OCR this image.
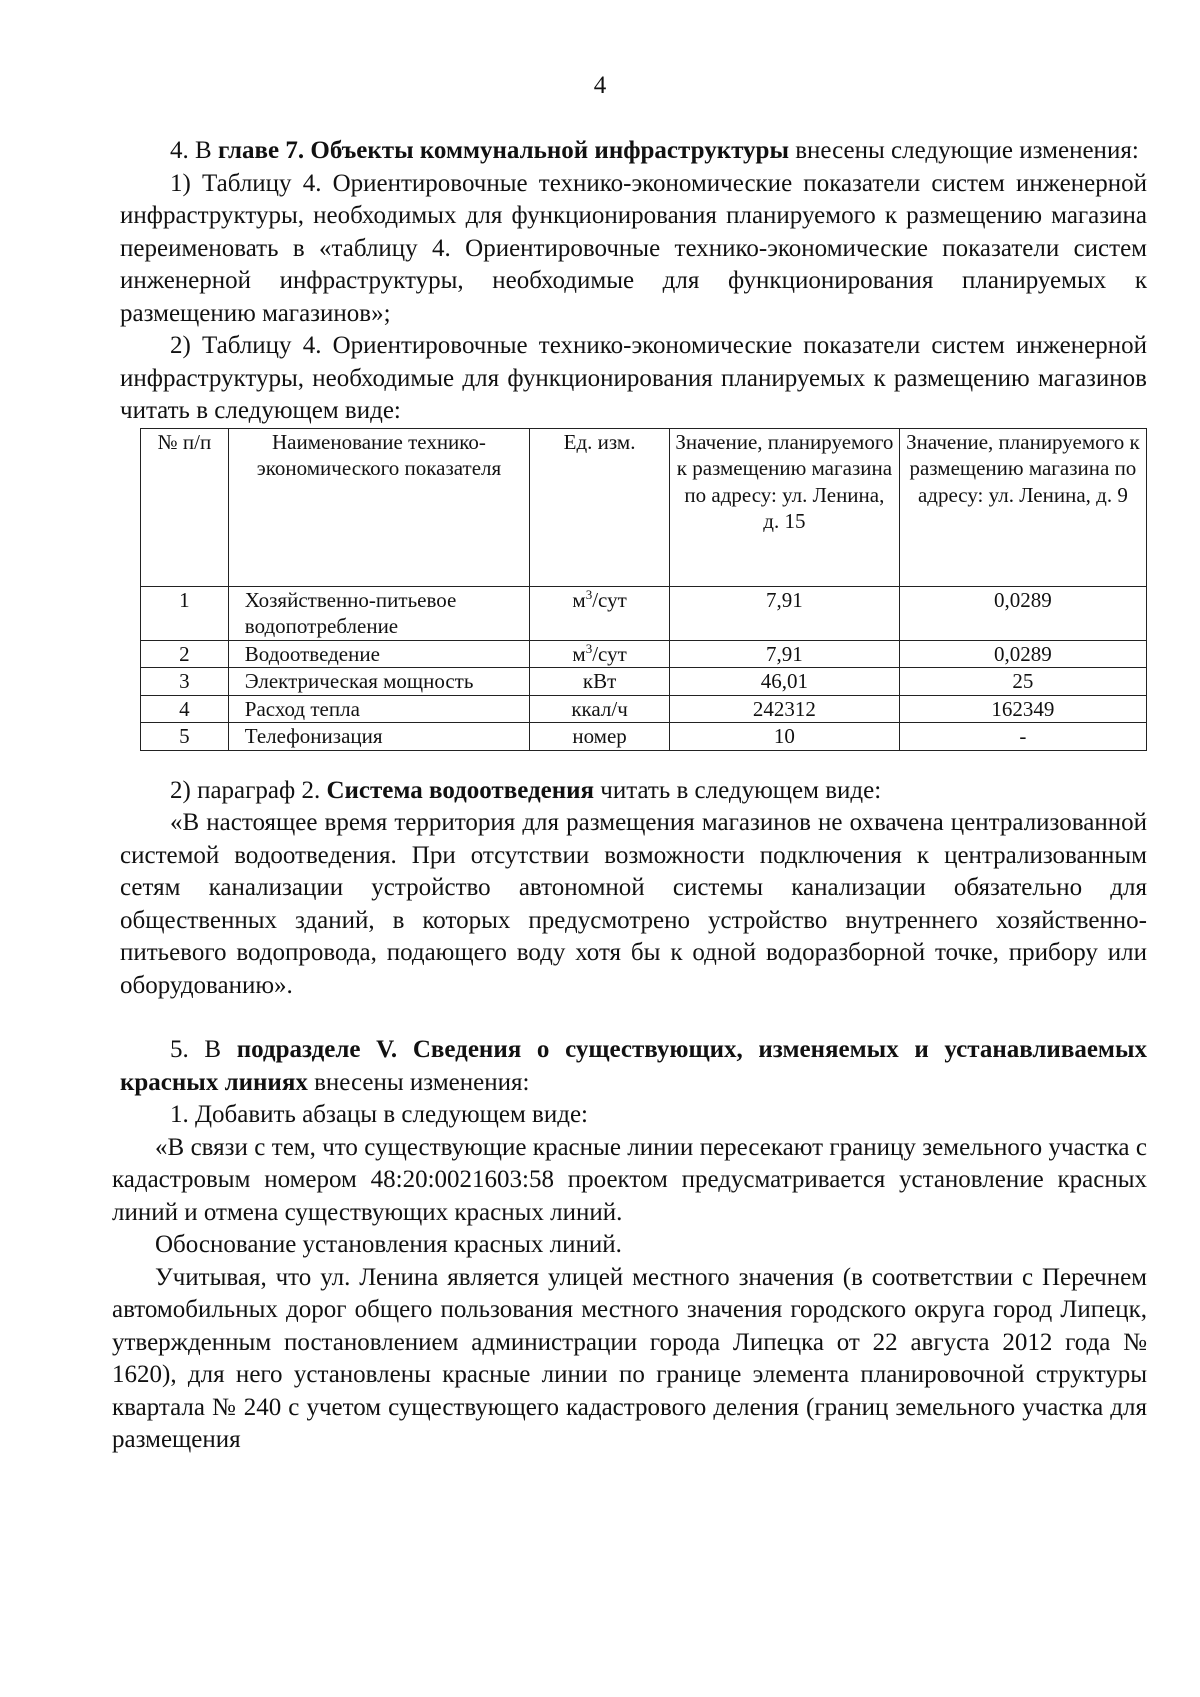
4

4. В главе 7. Объекты коммунальной инфраструктуры внесены следующие изменения:

1) Таблицу 4. Ориентировочные технико-экономические показатели систем инженерной инфраструктуры, необходимых для функционирования планируемого к размещению магазина переименовать в «таблицу 4. Ориентировочные технико-экономические показатели систем инженерной инфраструктуры, необходимые для функционирования планируемых к размещению магазинов»;

2) Таблицу 4. Ориентировочные технико-экономические показатели систем инженерной инфраструктуры, необходимые для функционирования планируемых к размещению магазинов читать в следующем виде:

№ п/п	Наименование технико-экономического показателя	Ед. изм.	Значение, планируемого к размещению магазина по адресу: ул. Ленина, д. 15	Значение, планируемого к размещению магазина по адресу: ул. Ленина, д. 9
1	Хозяйственно-питьевое водопотребление	$м^3$/сут	7,91	0,0289
2	Водоотведение	$м^3$/сут	7,91	0,0289
3	Электрическая мощность	кВт	46,01	25
4	Расход тепла	ккал/ч	242312	162349
5	Телефонизация	номер	10	-

2) параграф 2. Система водоотведения читать в следующем виде:

«В настоящее время территория для размещения магазинов не охвачена централизованной системой водоотведения. При отсутствии возможности подключения к централизованным сетям канализации устройство автономной системы канализации обязательно для общественных зданий, в которых предусмотрено устройство внутреннего хозяйственно-питьевого водопровода, подающего воду хотя бы к одной водоразборной точке, прибору или оборудованию».

5. В подразделе V. Сведения о существующих, изменяемых и устанавливаемых красных линиях внесены изменения:

1. Добавить абзацы в следующем виде:

«В связи с тем, что существующие красные линии пересекают границу земельного участка с кадастровым номером 48:20:0021603:58 проектом предусматривается установление красных линий и отмена существующих красных линий.

Обоснование установления красных линий.

Учитывая, что ул. Ленина является улицей местного значения (в соответствии с Перечнем автомобильных дорог общего пользования местного значения городского округа город Липецк, утвержденным постановлением администрации города Липецка от 22 августа 2012 года № 1620), для него установлены красные линии по границе элемента планировочной структуры квартала № 240 с учетом существующего кадастрового деления (границ земельного участка для размещения
